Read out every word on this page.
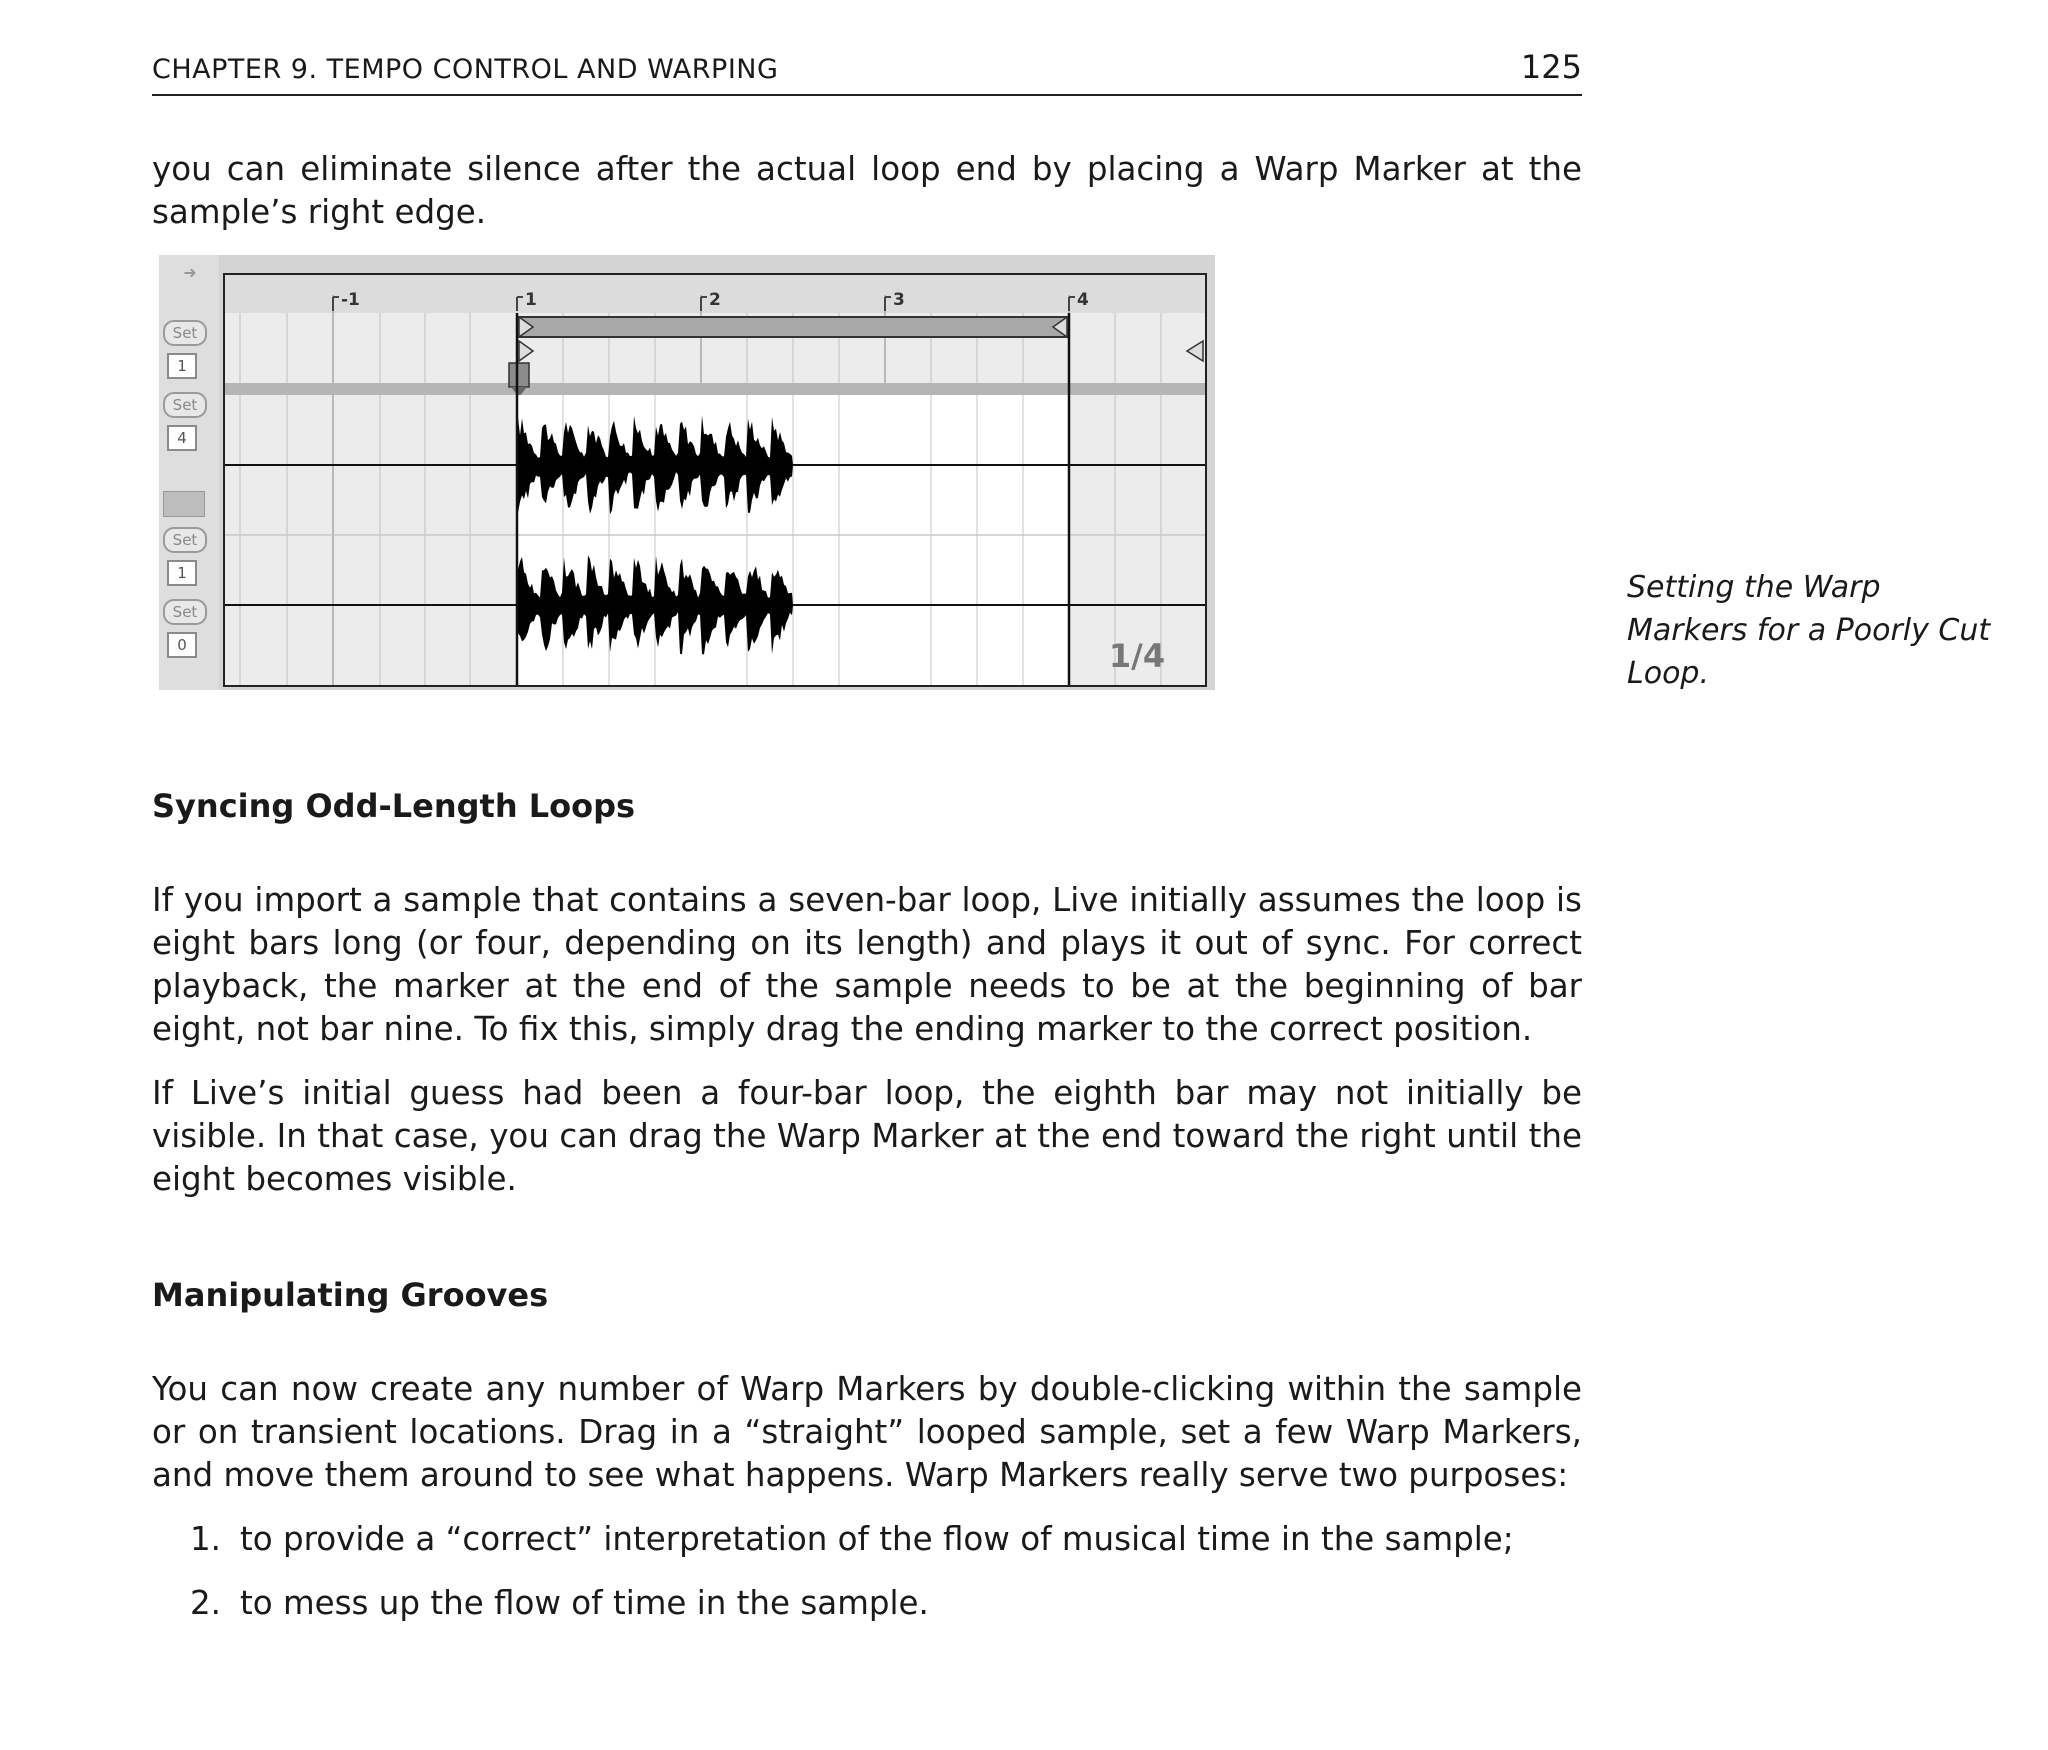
CHAPTER 9. TEMPO CONTROL AND WARPING	125

you can eliminate silence after the actual loop end by placing a Warp Marker at the sample’s right edge.

➜
Set
1
Set
4
Set
1
Set
0
-1	1	2	3	4
1/4

Setting the Warp Markers for a Poorly Cut Loop.

Syncing Odd-Length Loops

If you import a sample that contains a seven-bar loop, Live initially assumes the loop is eight bars long (or four, depending on its length) and plays it out of sync. For correct playback, the marker at the end of the sample needs to be at the beginning of bar eight, not bar nine. To fix this, simply drag the ending marker to the correct position.

If Live’s initial guess had been a four-bar loop, the eighth bar may not initially be visible. In that case, you can drag the Warp Marker at the end toward the right until the eight becomes visible.

Manipulating Grooves

You can now create any number of Warp Markers by double-clicking within the sample or on transient locations. Drag in a “straight” looped sample, set a few Warp Markers, and move them around to see what happens. Warp Markers really serve two purposes:

1. to provide a “correct” interpretation of the flow of musical time in the sample;

2. to mess up the flow of time in the sample.
